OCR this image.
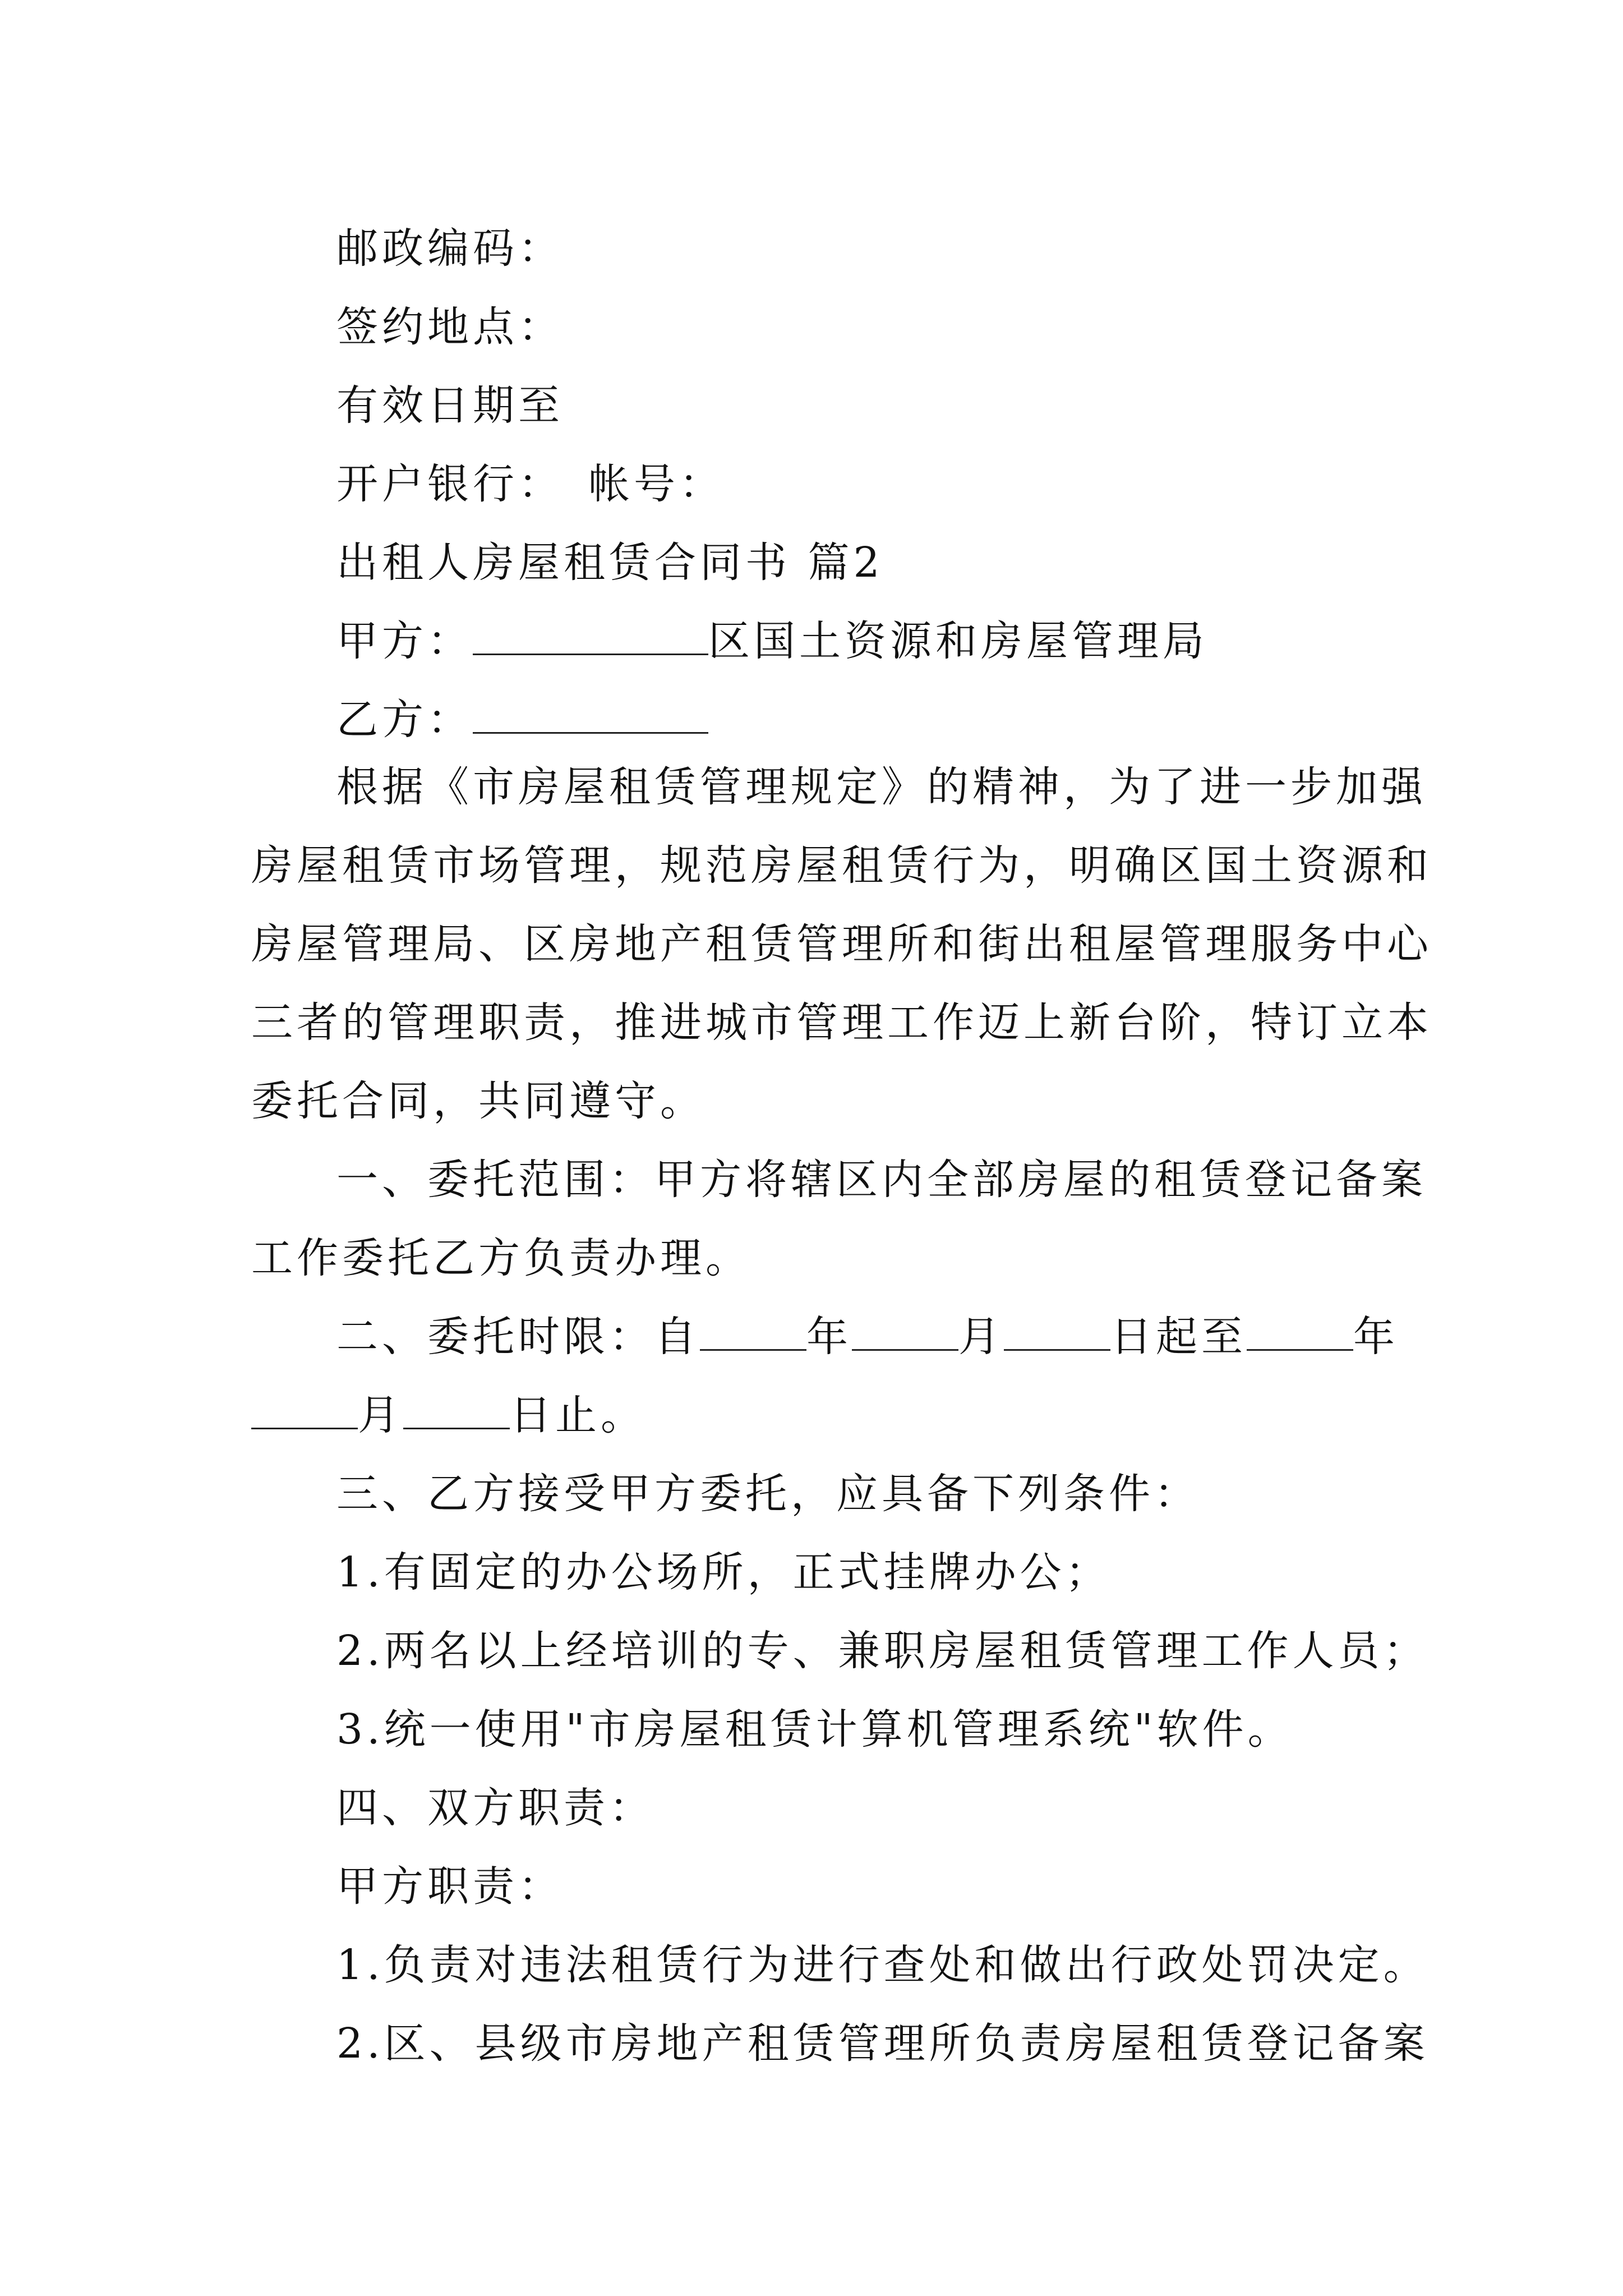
邮政编码：
签约地点：
有效日期至
开户银行：　帐号：
出租人房屋租赁合同书 篇2
甲方：	区国土资源和房屋管理局
乙方：
根据《市房屋租赁管理规定》的精神，为了进一步加强
房屋租赁市场管理，规范房屋租赁行为，明确区国土资源和
房屋管理局、区房地产租赁管理所和街出租屋管理服务中心
三者的管理职责，推进城市管理工作迈上新台阶，特订立本
委托合同，共同遵守。
一、委托范围：甲方将辖区内全部房屋的租赁登记备案
工作委托乙方负责办理。
二、委托时限：自	年	月	日起至	年
月	日止。
三、乙方接受甲方委托，应具备下列条件：
1.有固定的办公场所，正式挂牌办公；
2.两名以上经培训的专、兼职房屋租赁管理工作人员；
3.统一使用"市房屋租赁计算机管理系统"软件。
四、双方职责：
甲方职责：
1.负责对违法租赁行为进行查处和做出行政处罚决定。
2.区、县级市房地产租赁管理所负责房屋租赁登记备案
